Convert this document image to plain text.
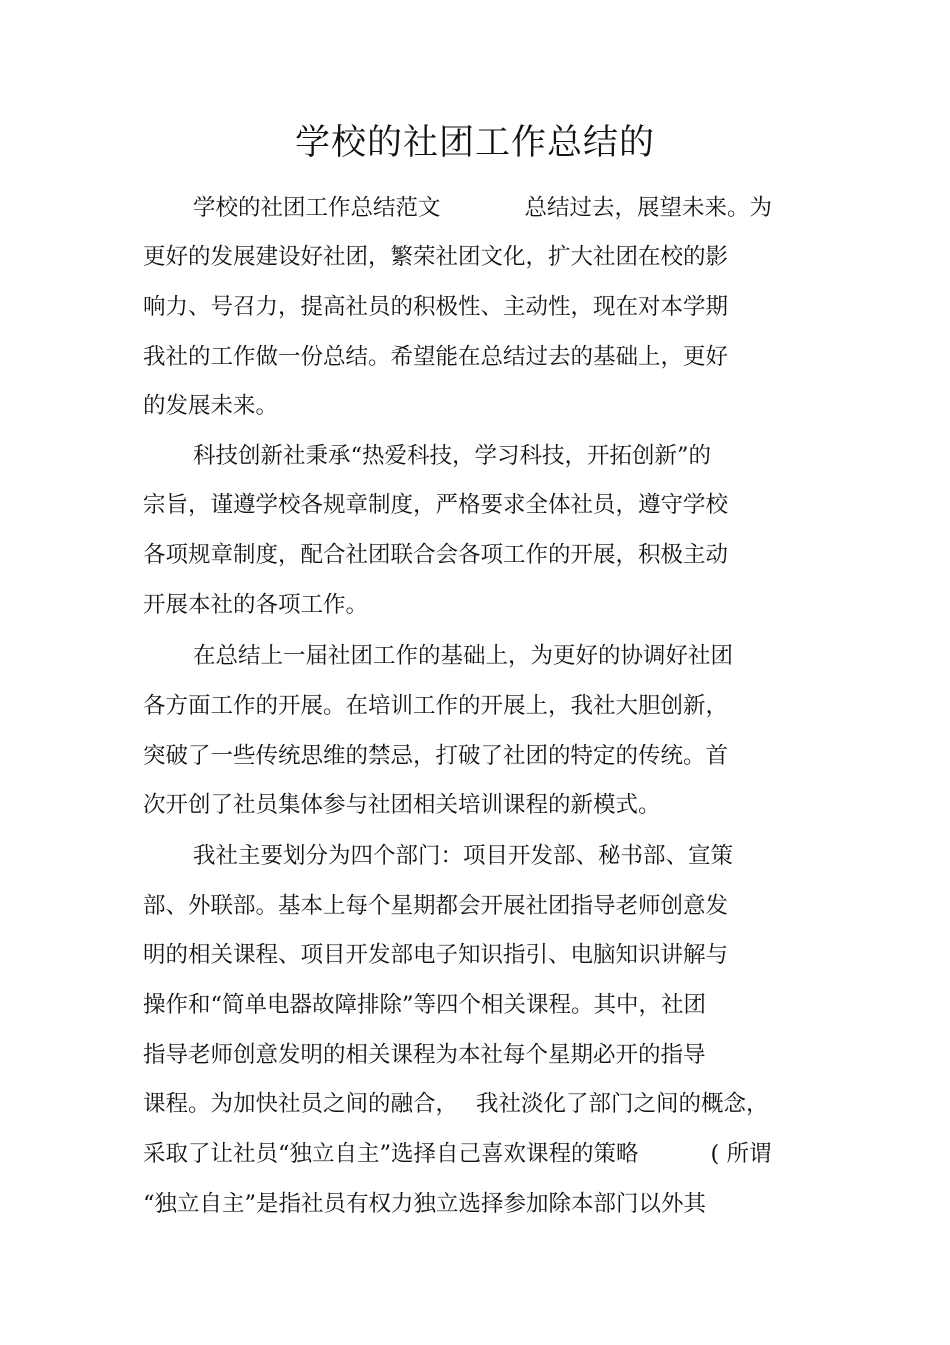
学校的社团工作总结的

学校的社团工作总结范文	总结过去，展望未来。为

更好的发展建设好社团，繁荣社团文化，扩大社团在校的影

响力、号召力，提高社员的积极性、主动性，现在对本学期

我社的工作做一份总结。希望能在总结过去的基础上，更好

的发展未来。

科技创新社秉承“热爱科技，学习科技，开拓创新”的

宗旨，谨遵学校各规章制度，严格要求全体社员，遵守学校

各项规章制度，配合社团联合会各项工作的开展，积极主动

开展本社的各项工作。

在总结上一届社团工作的基础上，为更好的协调好社团

各方面工作的开展。在培训工作的开展上，我社大胆创新，

突破了一些传统思维的禁忌，打破了社团的特定的传统。首

次开创了社员集体参与社团相关培训课程的新模式。

我社主要划分为四个部门：项目开发部、秘书部、宣策

部、外联部。基本上每个星期都会开展社团指导老师创意发

明的相关课程、项目开发部电子知识指引、电脑知识讲解与

操作和“简单电器故障排除”等四个相关课程。其中，社团

指导老师创意发明的相关课程为本社每个星期必开的指导

课程。为加快社员之间的融合， 我社淡化了部门之间的概念，

采取了让社员“独立自主”选择自己喜欢课程的策略	( 所谓

“独立自主”是指社员有权力独立选择参加除本部门以外其
